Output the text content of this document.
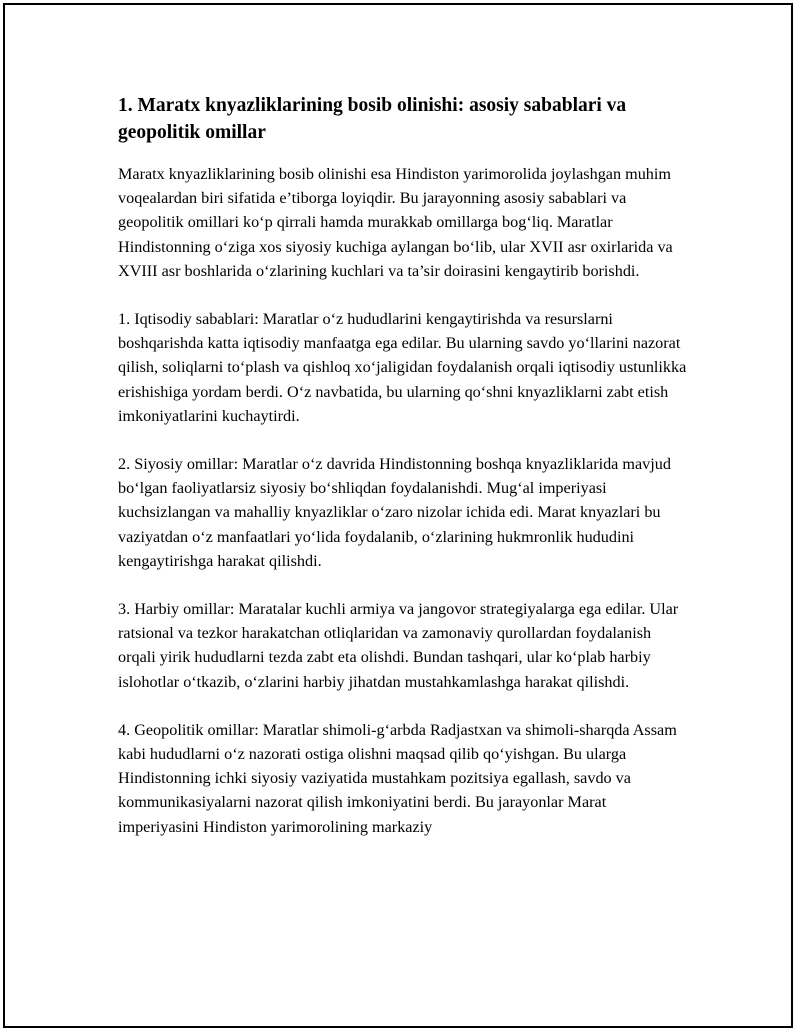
1. Maratx knyazliklarining bosib olinishi: asosiy sabablari va geopolitik omillar

Maratx knyazliklarining bosib olinishi esa Hindiston yarimorolida joylashgan muhim voqealardan biri sifatida e’tiborga loyiqdir. Bu jarayonning asosiy sabablari va geopolitik omillari ko‘p qirrali hamda murakkab omillarga bog‘liq. Maratlar Hindistonning o‘ziga xos siyosiy kuchiga aylangan bo‘lib, ular XVII asr oxirlarida va XVIII asr boshlarida o‘zlarining kuchlari va ta’sir doirasini kengaytirib borishdi.

1. Iqtisodiy sabablari: Maratlar o‘z hududlarini kengaytirishda va resurslarni boshqarishda katta iqtisodiy manfaatga ega edilar. Bu ularning savdo yo‘llarini nazorat qilish, soliqlarni to‘plash va qishloq xo‘jaligidan foydalanish orqali iqtisodiy ustunlikka erishishiga yordam berdi. O‘z navbatida, bu ularning qo‘shni knyazliklarni zabt etish imkoniyatlarini kuchaytirdi.

2. Siyosiy omillar: Maratlar o‘z davrida Hindistonning boshqa knyazliklarida mavjud bo‘lgan faoliyatlarsiz siyosiy bo‘shliqdan foydalanishdi. Mug‘al imperiyasi kuchsizlangan va mahalliy knyazliklar o‘zaro nizolar ichida edi. Marat knyazlari bu vaziyatdan o‘z manfaatlari yo‘lida foydalanib, o‘zlarining hukmronlik hududini kengaytirishga harakat qilishdi.

3. Harbiy omillar: Maratalar kuchli armiya va jangovor strategiyalarga ega edilar. Ular ratsional va tezkor harakatchan otliqlaridan va zamonaviy qurollardan foydalanish orqali yirik hududlarni tezda zabt eta olishdi. Bundan tashqari, ular ko‘plab harbiy islohotlar o‘tkazib, o‘zlarini harbiy jihatdan mustahkamlashga harakat qilishdi.

4. Geopolitik omillar: Maratlar shimoli-g‘arbda Radjastxan va shimoli-sharqda Assam kabi hududlarni o‘z nazorati ostiga olishni maqsad qilib qo‘yishgan. Bu ularga Hindistonning ichki siyosiy vaziyatida mustahkam pozitsiya egallash, savdo va kommunikasiyalarni nazorat qilish imkoniyatini berdi. Bu jarayonlar Marat imperiyasini Hindiston yarimorolining markaziy
